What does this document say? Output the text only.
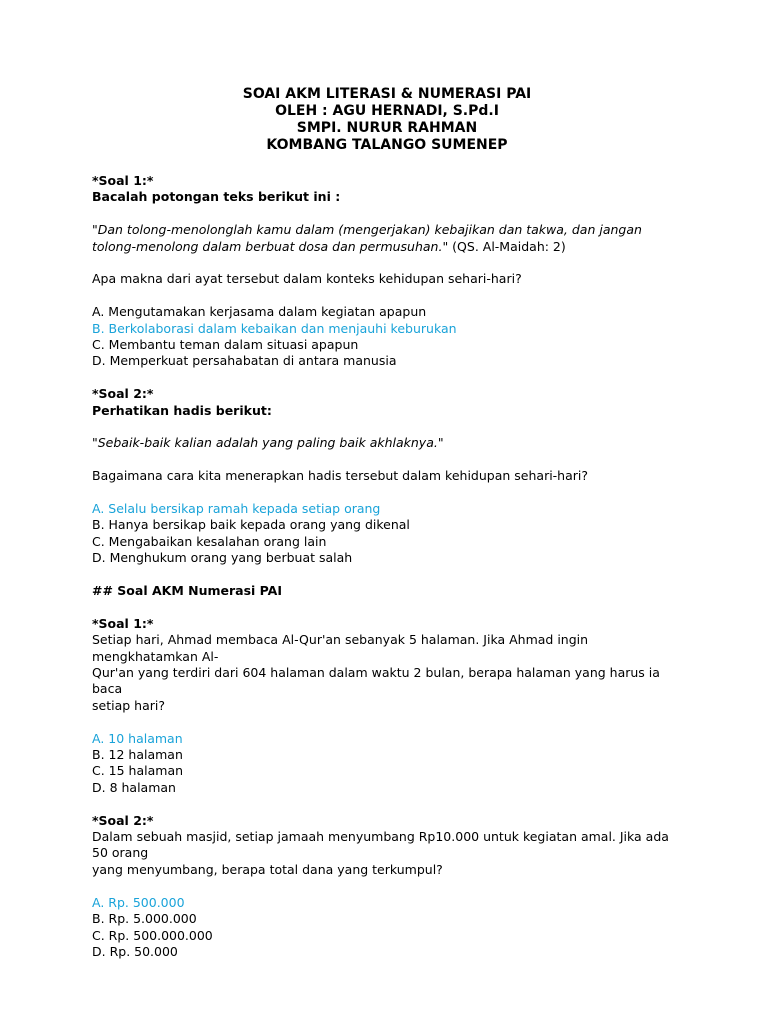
SOAI AKM LITERASI & NUMERASI PAI
OLEH : AGU HERNADI, S.Pd.I
SMPI. NURUR RAHMAN
KOMBANG TALANGO SUMENEP
*Soal 1:*
Bacalah potongan teks berikut ini :
"Dan tolong-menolonglah kamu dalam (mengerjakan) kebajikan dan takwa, dan jangan tolong-menolong dalam berbuat dosa dan permusuhan." (QS. Al-Maidah: 2)
Apa makna dari ayat tersebut dalam konteks kehidupan sehari-hari?
A. Mengutamakan kerjasama dalam kegiatan apapun
B. Berkolaborasi dalam kebaikan dan menjauhi keburukan
C. Membantu teman dalam situasi apapun
D. Memperkuat persahabatan di antara manusia
*Soal 2:*
Perhatikan hadis berikut:
"Sebaik-baik kalian adalah yang paling baik akhlaknya."
Bagaimana cara kita menerapkan hadis tersebut dalam kehidupan sehari-hari?
A. Selalu bersikap ramah kepada setiap orang
B. Hanya bersikap baik kepada orang yang dikenal
C. Mengabaikan kesalahan orang lain
D. Menghukum orang yang berbuat salah
## Soal AKM Numerasi PAI
*Soal 1:*
Setiap hari, Ahmad membaca Al-Qur'an sebanyak 5 halaman. Jika Ahmad ingin mengkhatamkan Al-
Qur'an yang terdiri dari 604 halaman dalam waktu 2 bulan, berapa halaman yang harus ia baca
setiap hari?
A. 10 halaman
B. 12 halaman
C. 15 halaman
D. 8 halaman
*Soal 2:*
Dalam sebuah masjid, setiap jamaah menyumbang Rp10.000 untuk kegiatan amal. Jika ada 50 orang
yang menyumbang, berapa total dana yang terkumpul?
A. Rp. 500.000
B. Rp. 5.000.000
C. Rp. 500.000.000
D. Rp. 50.000
